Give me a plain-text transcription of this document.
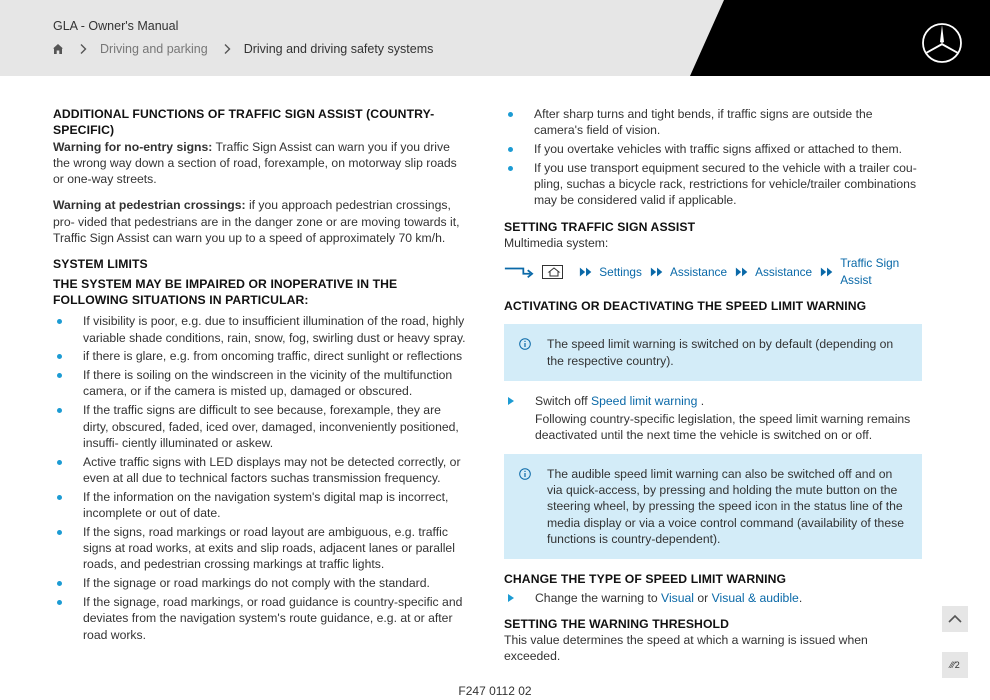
GLA - Owner's Manual
Driving and parking	Driving and driving safety systems
ADDITIONAL FUNCTIONS OF TRAFFIC SIGN ASSIST (COUNTRY-SPECIFIC)

Warning for no-entry signs: Traffic Sign Assist can warn you if you drive the wrong way down a section of road, forexample, on motorway slip roads or one-way streets.

Warning at pedestrian crossings: if you approach pedestrian crossings, pro- vided that pedestrians are in the danger zone or are moving towards it, Traffic Sign Assist can warn you up to a speed of approximately 70 km/h.

SYSTEM LIMITS
THE SYSTEM MAY BE IMPAIRED OR INOPERATIVE IN THE FOLLOWING SITUATIONS IN PARTICULAR:
If visibility is poor, e.g. due to insufficient illumination of the road, highly variable shade conditions, rain, snow, fog, swirling dust or heavy spray.
if there is glare, e.g. from oncoming traffic, direct sunlight or reflections
If there is soiling on the windscreen in the vicinity of the multifunction camera, or if the camera is misted up, damaged or obscured.
If the traffic signs are difficult to see because, forexample, they are dirty, obscured, faded, iced over, damaged, inconveniently positioned, insuffi- ciently illuminated or askew.
Active traffic signs with LED displays may not be detected correctly, or even at all due to technical factors suchas transmission frequency.
If the information on the navigation system's digital map is incorrect, incomplete or out of date.
If the signs, road markings or road layout are ambiguous, e.g. traffic signs at road works, at exits and slip roads, adjacent lanes or parallel roads, and pedestrian crossing markings at traffic lights.
If the signage or road markings do not comply with the standard.
If the signage, road markings, or road guidance is country-specific and deviates from the navigation system's route guidance, e.g. at or after road works.
After sharp turns and tight bends, if traffic signs are outside the camera's field of vision.
If you overtake vehicles with traffic signs affixed or attached to them.
If you use transport equipment secured to the vehicle with a trailer cou- pling, suchas a bicycle rack, restrictions for vehicle/trailer combinations may be considered valid if applicable.
SETTING TRAFFIC SIGN ASSIST
Multimedia system:
Settings Assistance Assistance
Traffic Sign Assist
ACTIVATING OR DEACTIVATING THE SPEED LIMIT WARNING
The speed limit warning is switched on by default (depending on the respective country).
Switch off Speed limit warning .
Following country-specific legislation, the speed limit warning remains deactivated until the next time the vehicle is switched on or off.
The audible speed limit warning can also be switched off and on via quick-access, by pressing and holding the mute button on the steering wheel, by pressing the speed icon in the status line of the media display or via a voice control command (availability of these functions is country-dependent).
CHANGE THE TYPE OF SPEED LIMIT WARNING
Change the warning to Visual or Visual & audible.
SETTING THE WARNING THRESHOLD
This value determines the speed at which a warning is issued when exceeded.
⁄⁄⁄2
F247 0112 02
